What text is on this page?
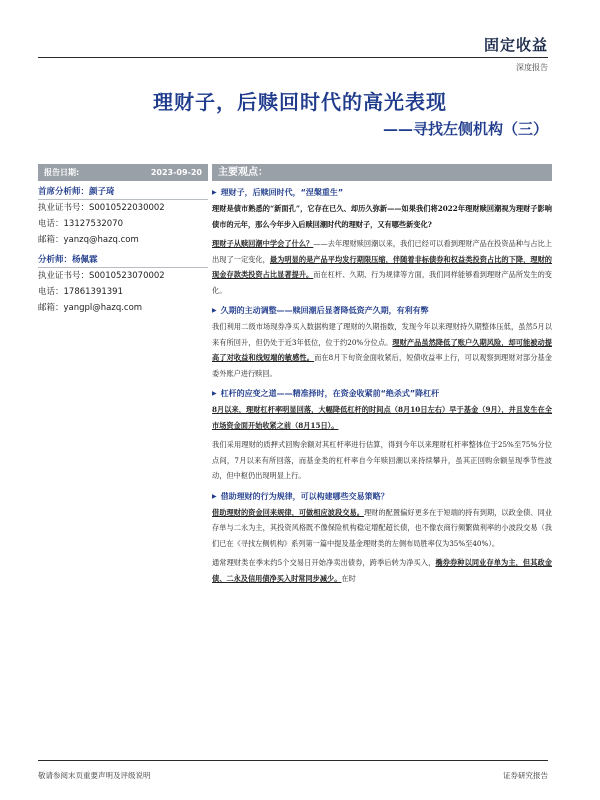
固定收益
深度报告
理财子，后赎回时代的高光表现
——寻找左侧机构（三）
报告日期:	2023-09-20
首席分析师：颜子琦
执业证书号：S0010522030002
电话：13127532070
邮箱：yanzq@hazq.com
分析师：杨佩霖
执业证书号：S0010523070002
电话：17861391391
邮箱：yangpl@hazq.com
主要观点：
▶ 理财子，后赎回时代，“涅槃重生”

理财是债市熟悉的“新面孔”，它存在已久、却历久弥新——如果我们将2022年理财赎回潮视为理财子影响债市的元年，那么今年步入后赎回潮时代的理财子，又有哪些新变化?

理财子从赎回潮中学会了什么？——去年理财赎回潮以来，我们已经可以看到理财产品在投资品种与占比上出现了一定变化，最为明显的是产品平均发行期限压缩，伴随着非标债券和权益类投资占比的下降，理财的现金存款类投资占比显著提升。而在杠杆、久期、行为规律等方面，我们同样能够看到理财产品所发生的变化。

▶ 久期的主动调整——赎回潮后显著降低资产久期，有利有弊

我们利用二级市场现券净买入数据构建了理财的久期指数，发现今年以来理财持久期整体压低，虽然5月以来有所回升，但仍处于近3年低位，位于约20%分位点。理财产品虽然降低了账户久期风险，却可能被动提高了对收益和线短端的敏感性。而在8月下旬资金面收紧后，短债收益率上行，可以观察到理财对部分基金委外账户进行赎回。

▶ 杠杆的应变之道——精准择时，在资金收紧前“绝杀式”降杠杆

8月以来，理财杠杆率明显回落，大幅降低杠杆的时间点（8月10日左右）早于基金（9月），并且发生在全市场资金面开始收紧之前（8月15日）。

我们采用理财的质押式回购余额对其杠杆率进行估算，得到今年以来理财杠杆率整体位于25%至75%分位点间，7月以来有所回落，而基金类的杠杆率自今年赎回潮以来持续攀升，虽其正回购余额呈现季节性波动，但中枢仍出现明显上行。

▶ 借助理财的行为规律，可以构建哪些交易策略？

借助理财的资金回来规律，可做相应波段交易。理财的配置偏好更多在于短端的持有到期，以政金债、同业存单与二永为主，其投资风格既不像保险机构稳定增配超长债，也不像农商行频繁做利率的小波段交易（我们已在《寻找左侧机构》系列第一篇中提及基金理财类的左侧布局胜率仅为35%至40%）。

通常理财类在季末约5个交易日开始净卖出债券，跨季后转为净买入，椭券券种以同业存单为主，但其政金债、二永及信用债净买入时常同步减少。在时

敬请参阅末页重要声明及评级说明	证券研究报告
